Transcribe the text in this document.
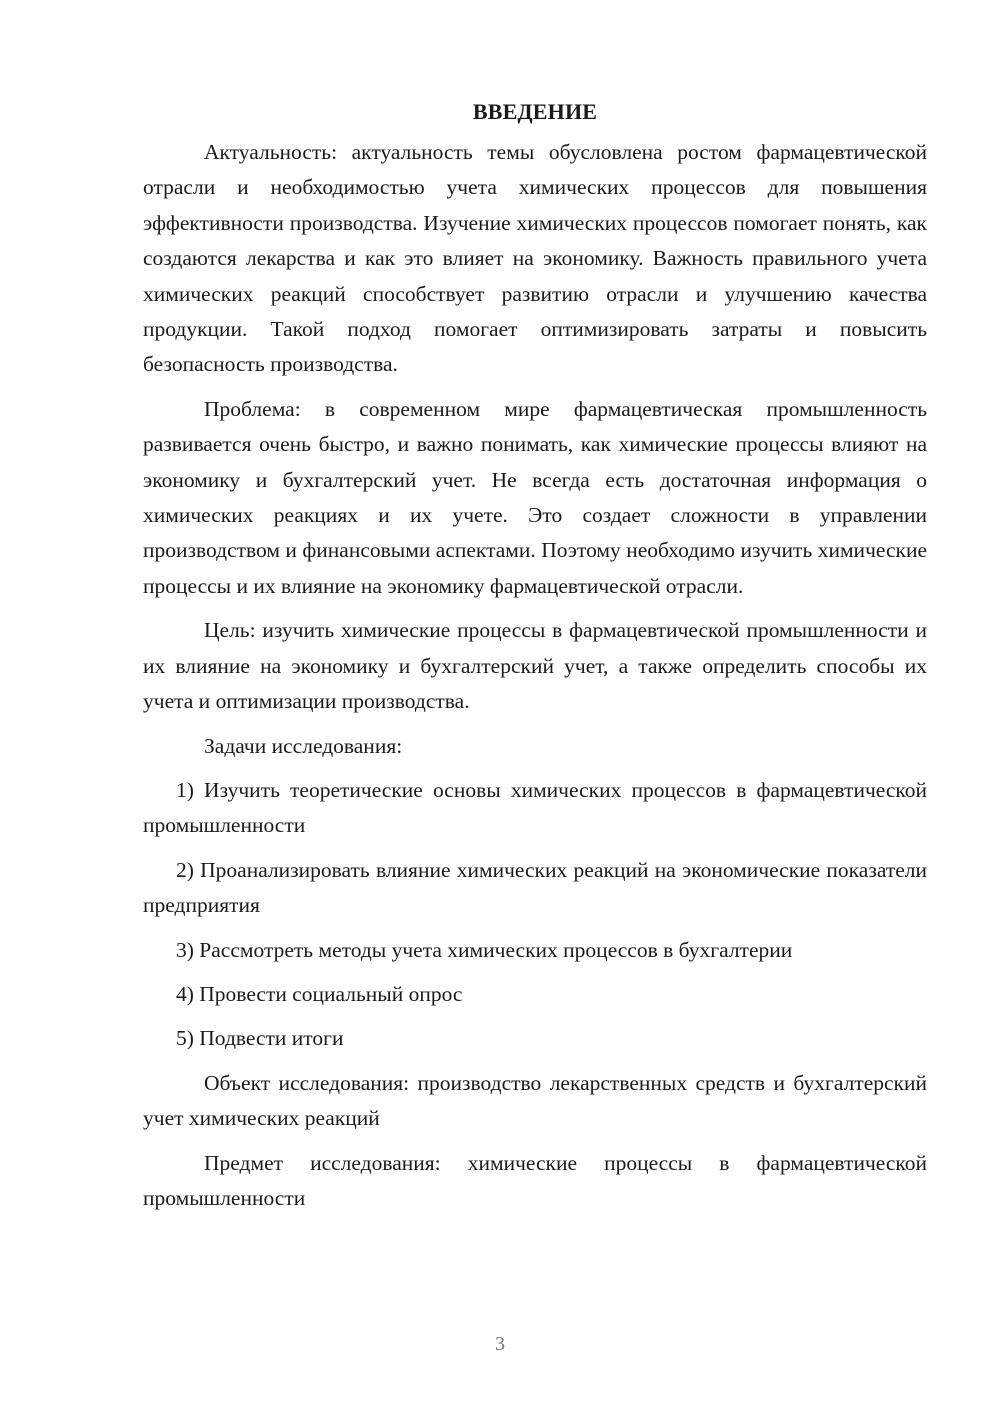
ВВЕДЕНИЕ

Актуальность: актуальность темы обусловлена ростом фармацевтической отрасли и необходимостью учета химических процессов для повышения эффективности производства. Изучение химических процессов помогает понять, как создаются лекарства и как это влияет на экономику. Важность правильного учета химических реакций способствует развитию отрасли и улучшению качества продукции. Такой подход помогает оптимизировать затраты и повысить безопасность производства.

Проблема: в современном мире фармацевтическая промышленность развивается очень быстро, и важно понимать, как химические процессы влияют на экономику и бухгалтерский учет. Не всегда есть достаточная информация о химических реакциях и их учете. Это создает сложности в управлении производством и финансовыми аспектами. Поэтому необходимо изучить химические процессы и их влияние на экономику фармацевтической отрасли.

Цель: изучить химические процессы в фармацевтической промышленности и их влияние на экономику и бухгалтерский учет, а также определить способы их учета и оптимизации производства.

Задачи исследования:

1) Изучить теоретические основы химических процессов в фармацевтической промышленности

2) Проанализировать влияние химических реакций на экономические показатели предприятия

3) Рассмотреть методы учета химических процессов в бухгалтерии

4) Провести социальный опрос

5) Подвести итоги

Объект исследования: производство лекарственных средств и бухгалтерский учет химических реакций

Предмет исследования: химические процессы в фармацевтической промышленности

3
